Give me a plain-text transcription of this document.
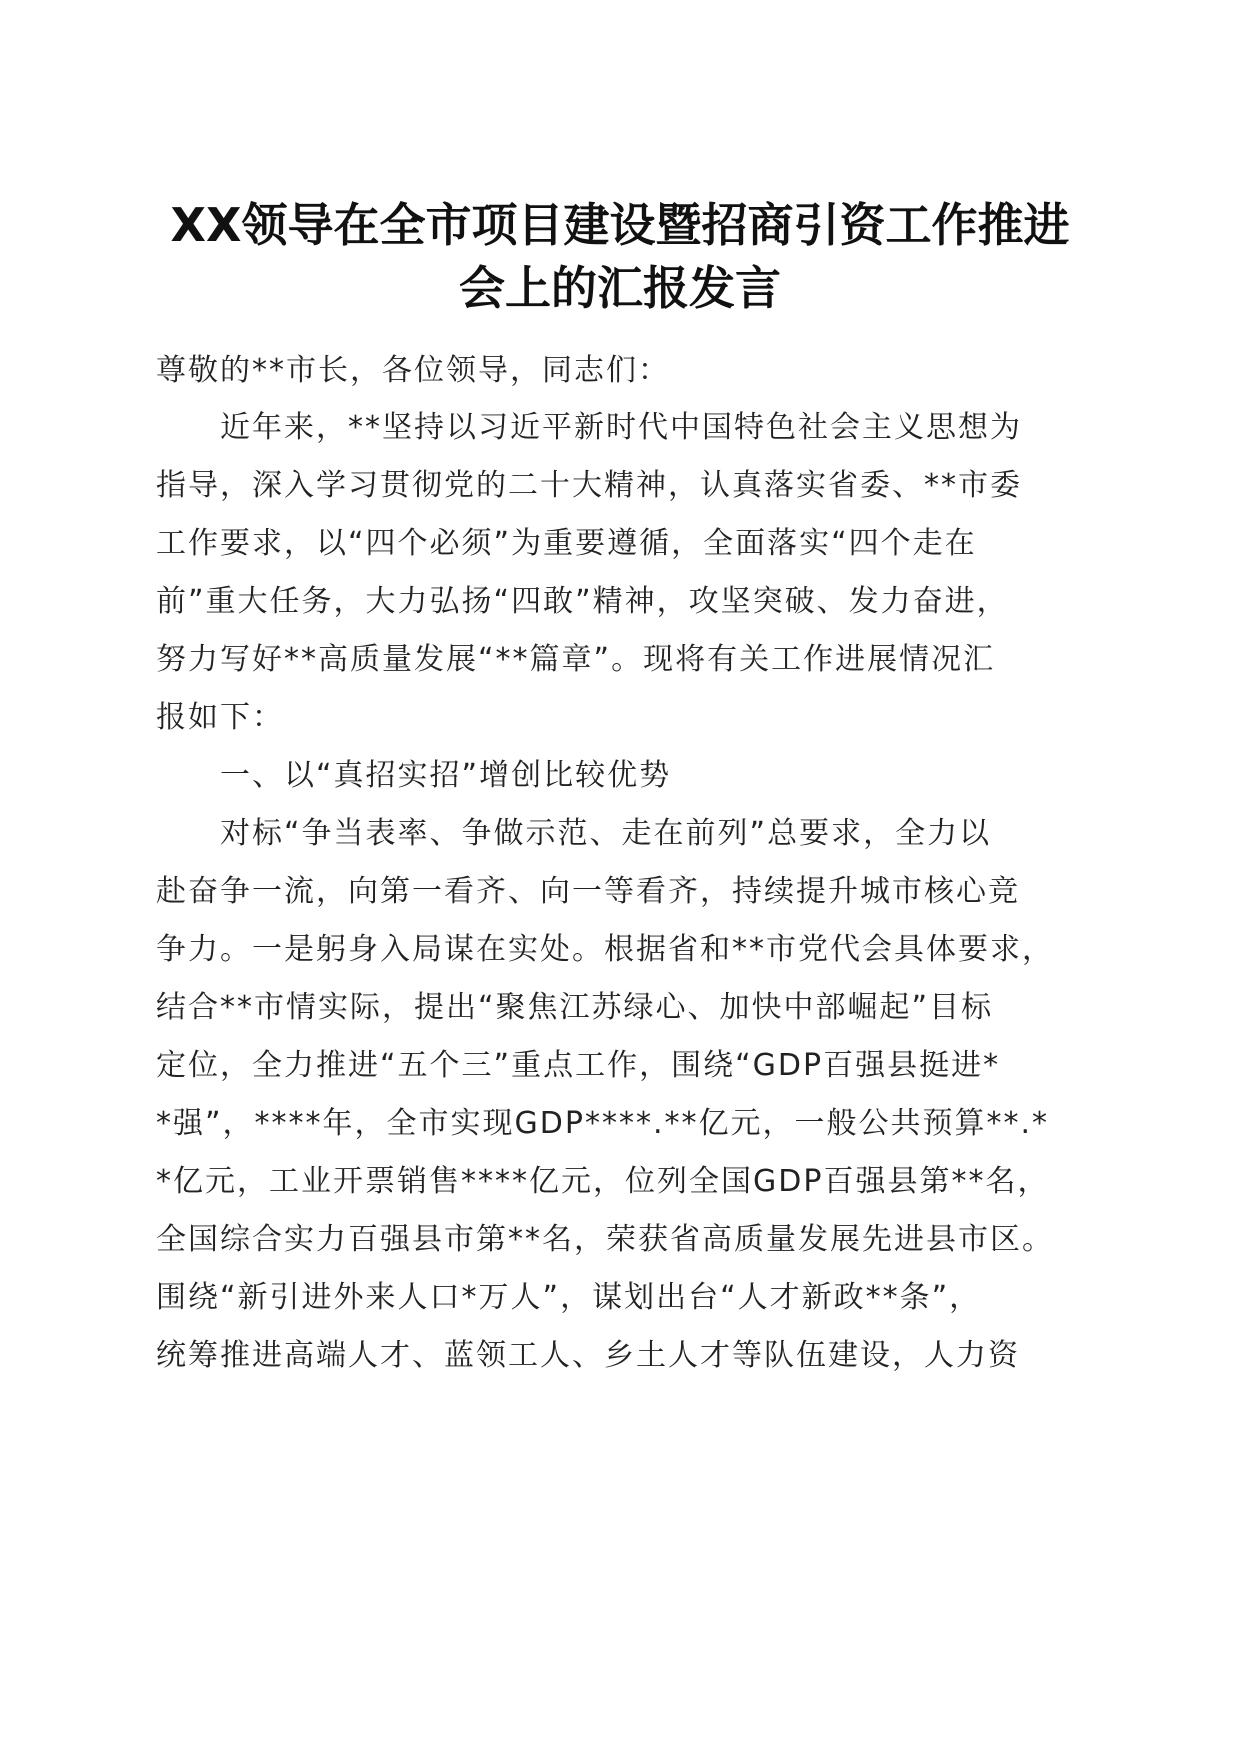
XX领导在全市项目建设暨招商引资工作推进
会上的汇报发言
尊敬的**市长，各位领导，同志们：
近年来，**坚持以习近平新时代中国特色社会主义思想为
指导，深入学习贯彻党的二十大精神，认真落实省委、**市委
工作要求，以“四个必须”为重要遵循，全面落实“四个走在
前”重大任务，大力弘扬“四敢”精神，攻坚突破、发力奋进，
努力写好**高质量发展“**篇章”。现将有关工作进展情况汇
报如下：
一、以“真招实招”增创比较优势
对标“争当表率、争做示范、走在前列”总要求，全力以
赴奋争一流，向第一看齐、向一等看齐，持续提升城市核心竞
争力。一是躬身入局谋在实处。根据省和**市党代会具体要求，
结合**市情实际，提出“聚焦江苏绿心、加快中部崛起”目标
定位，全力推进“五个三”重点工作，围绕“GDP百强县挺进*
*强”，****年，全市实现GDP****.**亿元，一般公共预算**.*
*亿元，工业开票销售****亿元，位列全国GDP百强县第**名，
全国综合实力百强县市第**名，荣获省高质量发展先进县市区。
围绕“新引进外来人口*万人”，谋划出台“人才新政**条”，
统筹推进高端人才、蓝领工人、乡土人才等队伍建设，人力资
